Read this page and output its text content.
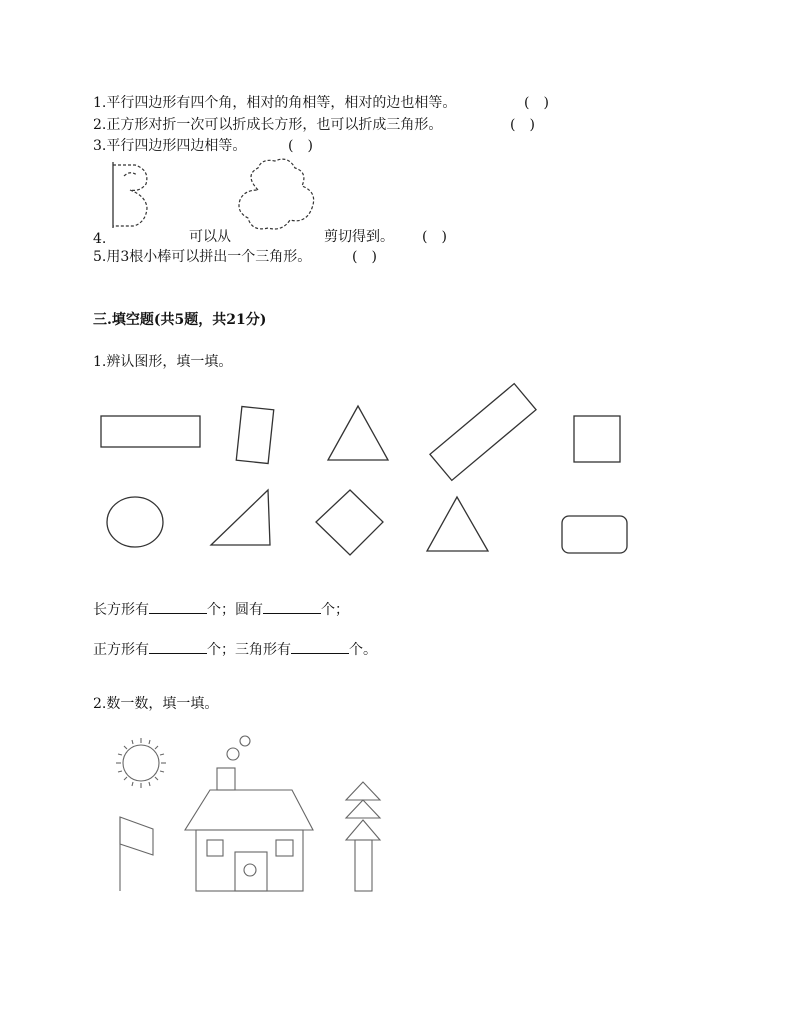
1.平行四边形有四个角，相对的角相等，相对的边也相等。	(　)
2.正方形对折一次可以折成长方形，也可以折成三角形。	(　)
3.平行四边形四边相等。	(　)
4.	可以从	剪切得到。 (　)
5.用3根小棒可以拼出一个三角形。	(　)
三.填空题(共5题，共21分)
1.辨认图形，填一填。
长方形有	个；圆有	个；
正方形有	个；三角形有	个。
2.数一数，填一填。
